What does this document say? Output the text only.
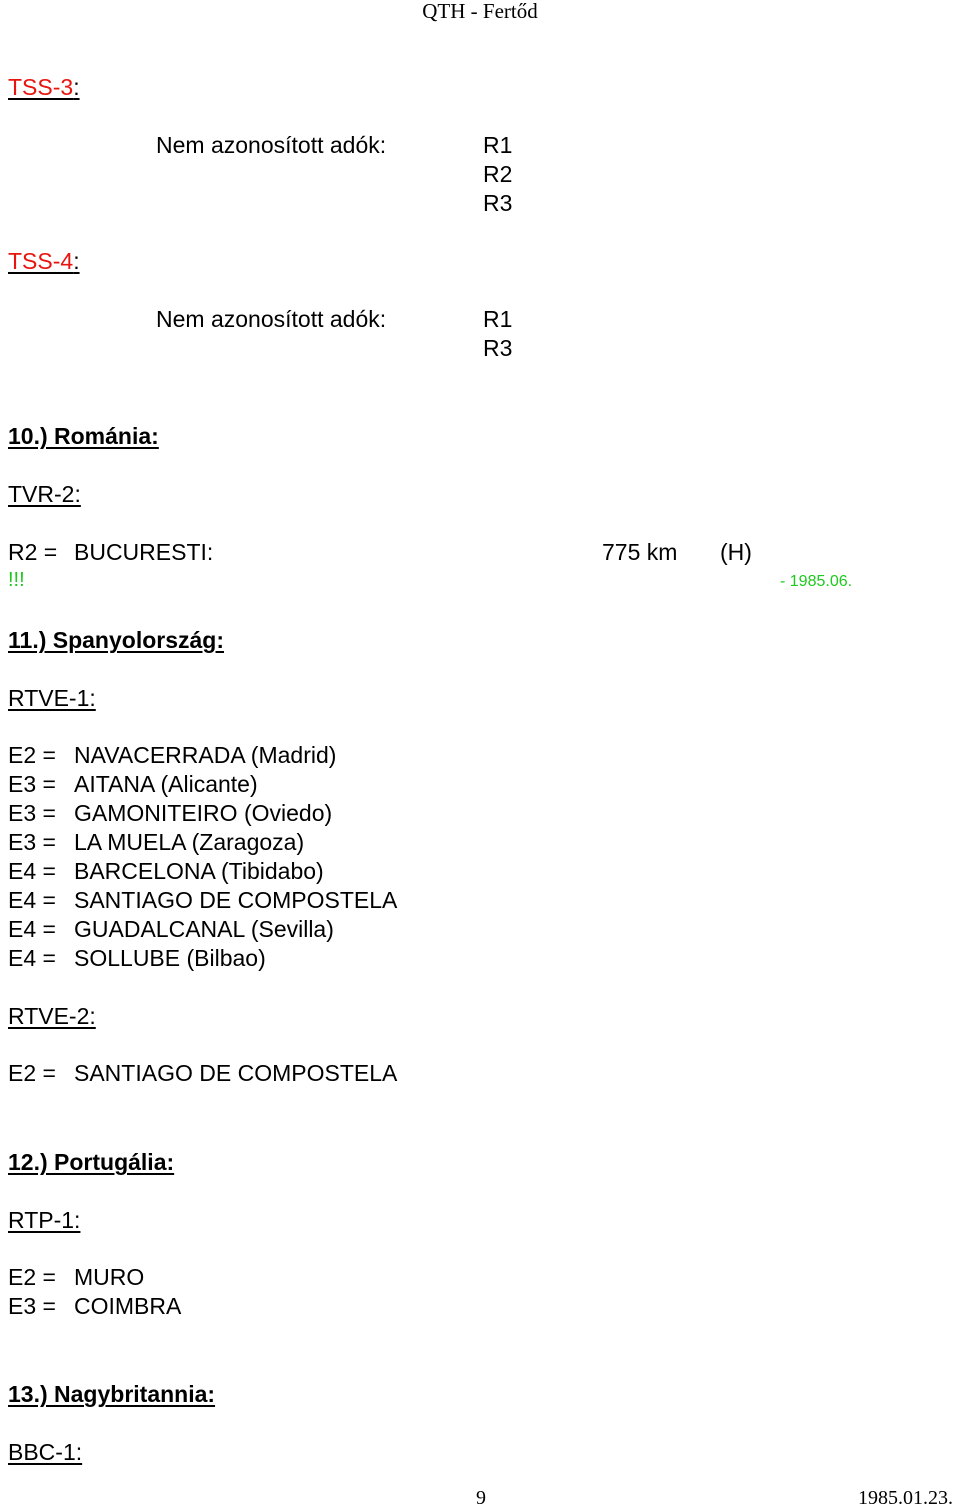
QTH - Fertőd
TSS-3:
Nem azonosított adók:	R1
R2
R3
TSS-4:
Nem azonosított adók:	R1
R3
10.) Románia:
TVR-2:
R2 = BUCURESTI:	775 km (H)
!!!	- 1985.06.
11.) Spanyolország:
RTVE-1:
E2 = NAVACERRADA (Madrid)
E3 = AITANA (Alicante)
E3 = GAMONITEIRO (Oviedo)
E3 = LA MUELA (Zaragoza)
E4 = BARCELONA (Tibidabo)
E4 = SANTIAGO DE COMPOSTELA
E4 = GUADALCANAL (Sevilla)
E4 = SOLLUBE (Bilbao)
RTVE-2:
E2 = SANTIAGO DE COMPOSTELA
12.) Portugália:
RTP-1:
E2 = MURO
E3 = COIMBRA
13.) Nagybritannia:
BBC-1:
9	1985.01.23.
